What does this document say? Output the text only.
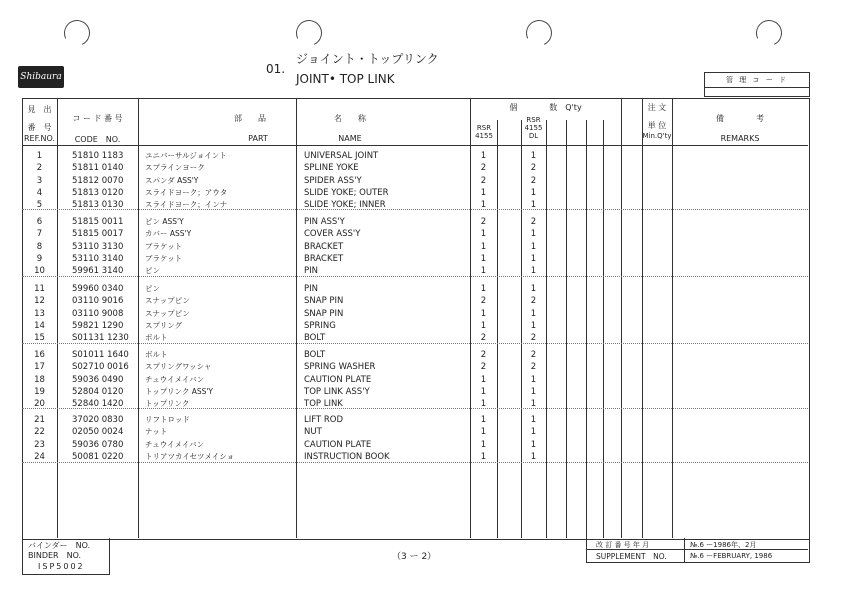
Shibaura
01.
ジョイント・トップリンク
JOINT• TOP LINK	管 理 コ ー ド
見　出
番　号
REF.NO.
コ ー ド 番 号
CODE　NO.
部　　品
PART
名　　称
NAME
個　　　　数　Q'ty
RSR 4155
RSR 4155 DL
注 文
単 位
Min.Q'ty
備　　　　考
REMARKS
1	51810 1183	ユニバーサルジョイント	UNIVERSAL JOINT	1	1
2	51811 0140	スプラインヨーク	SPLINE YOKE	2	2
3	51812 0070	スパンダ ASS'Y	SPIDER ASS'Y	2	2
4	51813 0120	スライドヨーク；アウタ	SLIDE YOKE; OUTER	1	1
5	51813 0130	スライドヨーク；インナ	SLIDE YOKE; INNER	1	1
6	51815 0011	ピン ASS'Y	PIN ASS'Y	2	2
7	51815 0017	カバー ASS'Y	COVER ASS'Y	1	1
8	53110 3130	ブラケット	BRACKET	1	1
9	53110 3140	ブラケット	BRACKET	1	1
10	59961 3140	ピン	PIN	1	1
11	59960 0340	ピン	PIN	1	1
12	03110 9016	スナップピン	SNAP PIN	2	2
13	03110 9008	スナップピン	SNAP PIN	1	1
14	59821 1290	スプリング	SPRING	1	1
15	S01131 1230 ボルト	BOLT	2	2
16	S01011 1640 ボルト	BOLT	2	2
17	S02710 0016 スプリングワッシャ	SPRING WASHER	2	2
18	59036 0490	チュウイメイバン	CAUTION PLATE	1	1
19	52804 0120	トップリンク ASS'Y	TOP LINK ASS'Y	1	1
20	52840 1420	トップリンク	TOP LINK	1	1
21	37020 0830	リフトロッド	LIFT ROD	1	1
22	02050 0024	ナット	NUT	1	1
23	59036 0780	チュウイメイバン	CAUTION PLATE	1	1
24	50081 0220	トリアツカイセツメイショ	INSTRUCTION BOOK	1	1
バインダー　NO.
BINDER　NO.
ISP5002
（3 ー 2）
改 訂 番 号 年 月
SUPPLEMENT　NO.
№.6 ー1986年、2月
№.6 ーFEBRUARY, 1986
